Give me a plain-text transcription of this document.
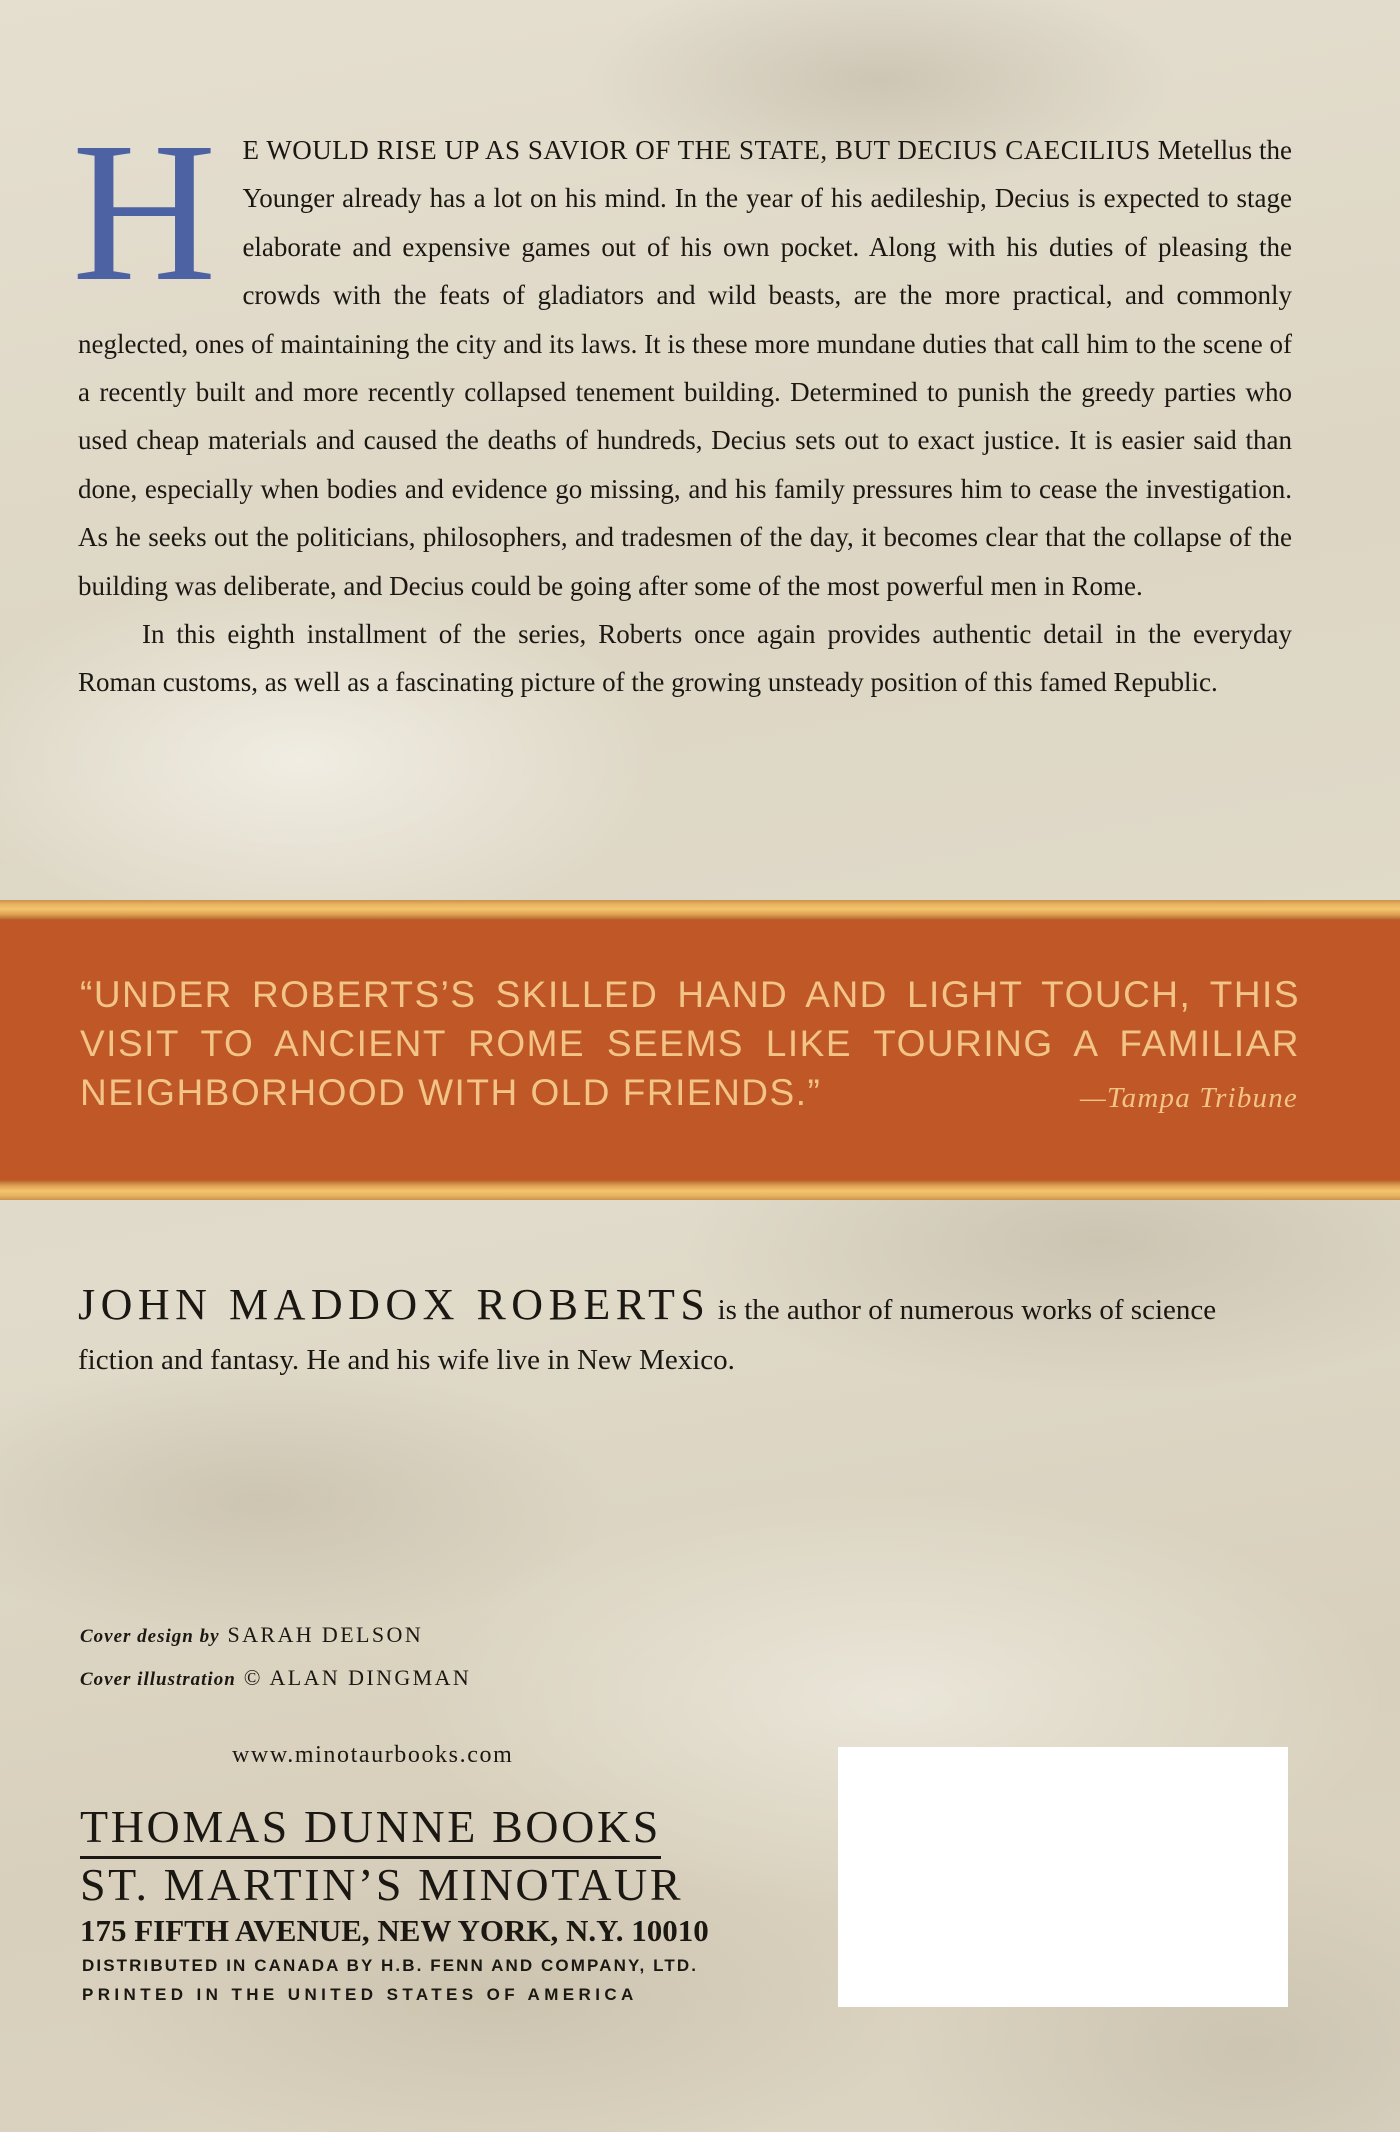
H E WOULD RISE UP AS SAVIOR OF THE STATE, BUT DECIUS CAECILIUS Metellus the Younger already has a lot on his mind. In the year of his aedileship, Decius is expected to stage elaborate and expensive games out of his own pocket. Along with his duties of pleasing the crowds with the feats of gladiators and wild beasts, are the more practical, and commonly neglected, ones of maintaining the city and its laws. It is these more mundane duties that call him to the scene of a recently built and more recently collapsed tenement building. Determined to punish the greedy parties who used cheap materials and caused the deaths of hundreds, Decius sets out to exact justice. It is easier said than done, especially when bodies and evidence go missing, and his family pressures him to cease the investigation. As he seeks out the politicians, philosophers, and tradesmen of the day, it becomes clear that the collapse of the building was deliberate, and Decius could be going after some of the most powerful men in Rome.

In this eighth installment of the series, Roberts once again provides authentic detail in the everyday Roman customs, as well as a fascinating picture of the growing unsteady position of this famed Republic.

“UNDER ROBERTS’S SKILLED HAND AND LIGHT TOUCH, THIS VISIT TO ANCIENT ROME SEEMS LIKE TOURING A FAMILIAR NEIGHBORHOOD WITH OLD FRIENDS.”	—Tampa Tribune
JOHN MADDOX ROBERTS is the author of numerous works of science fiction and fantasy. He and his wife live in New Mexico.
Cover design by SARAH DELSON
Cover illustration © ALAN DINGMAN
www.minotaurbooks.com
THOMAS DUNNE BOOKS
ST. MARTIN’S MINOTAUR
175 FIFTH AVENUE, NEW YORK, N.Y. 10010
DISTRIBUTED IN CANADA BY H.B. FENN AND COMPANY, LTD.
PRINTED IN THE UNITED STATES OF AMERICA
